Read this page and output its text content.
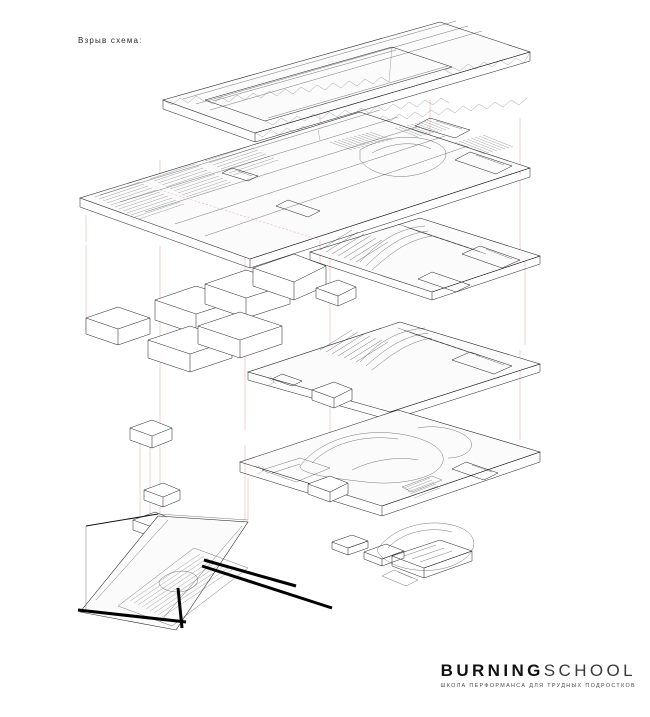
Взрыв схема:
BURNINGSCHOOL
ШКОЛА ПЕРФОРМАНСА ДЛЯ ТРУДНЫХ ПОДРОСТКОВ
